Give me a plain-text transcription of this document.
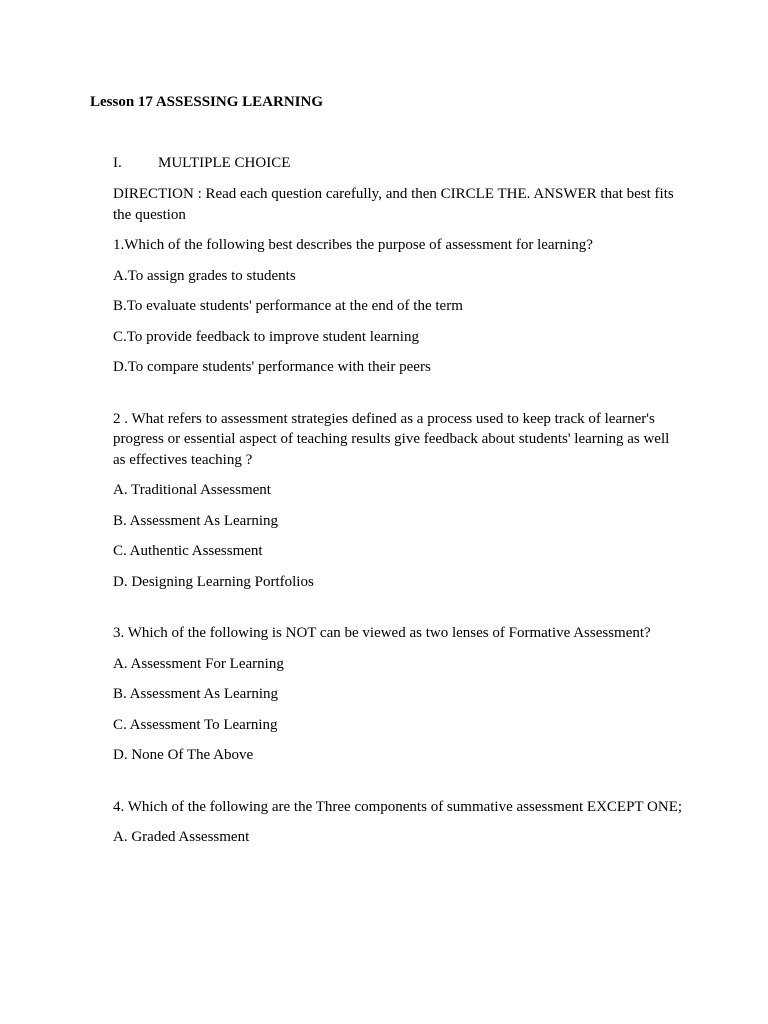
Lesson 17 ASSESSING LEARNING
I. MULTIPLE CHOICE

DIRECTION : Read each question carefully, and then CIRCLE THE. ANSWER that best fits the question

1.Which of the following best describes the purpose of assessment for learning?

A.To assign grades to students

B.To evaluate students' performance at the end of the term

C.To provide feedback to improve student learning

D.To compare students' performance with their peers

2 . What refers to assessment strategies defined as a process used to keep track of learner's progress or essential aspect of teaching results give feedback about students' learning as well as effectives teaching ?

A. Traditional Assessment

B. Assessment As Learning

C. Authentic Assessment

D. Designing Learning Portfolios

3. Which of the following is NOT can be viewed as two lenses of Formative Assessment?

A. Assessment For Learning

B. Assessment As Learning

C. Assessment To Learning

D. None Of The Above

4. Which of the following are the Three components of summative assessment EXCEPT ONE;

A. Graded Assessment
